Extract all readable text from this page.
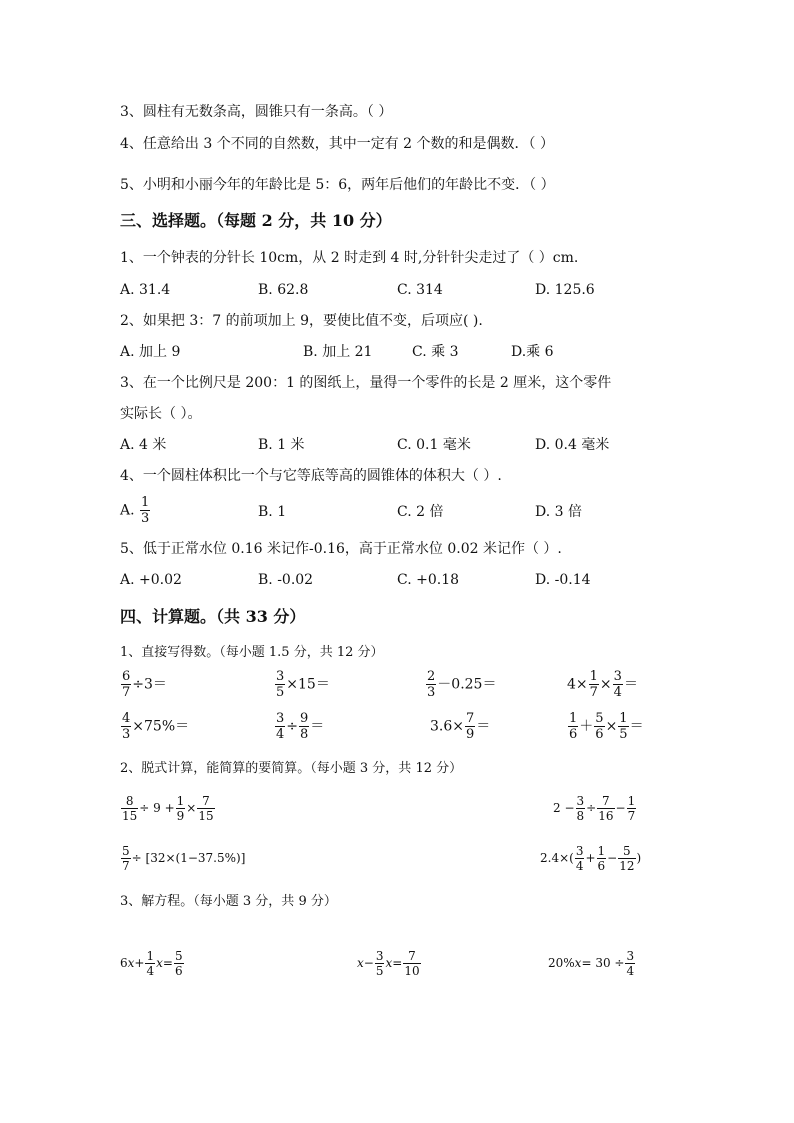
3、圆柱有无数条高，圆锥只有一条高。（ ）
4、任意给出 3 个不同的自然数，其中一定有 2 个数的和是偶数．（ ）
5、小明和小丽今年的年龄比是 5：6，两年后他们的年龄比不变．（ ）
三、选择题。（每题 2 分，共 10 分）
1、一个钟表的分针长 10cm，从 2 时走到 4 时,分针针尖走过了（ ）cm.
A. 31.4	B. 62.8	C. 314	D. 125.6
2、如果把 3：7 的前项加上 9，要使比值不变，后项应( ).
A. 加上 9	B. 加上 21	C. 乘 3	D.乘 6
3、在一个比例尺是 200：1 的图纸上，量得一个零件的长是 2 厘米，这个零件
实际长（ ）。
A. 4 米	B. 1 米	C. 0.1 毫米	D. 0.4 毫米
4、一个圆柱体积比一个与它等底等高的圆锥体的体积大（ ）.
A. $\frac{1}{3}$	B. 1	C. 2 倍	D. 3 倍
5、低于正常水位 0.16 米记作-0.16，高于正常水位 0.02 米记作（ ）.
A. +0.02	B. -0.02	C. +0.18	D. -0.14
四、计算题。（共 33 分）
1、直接写得数。（每小题 1.5 分，共 12 分）
$\frac{6}{7} \div 3=$	$\frac{3}{5} \times 15=$	$\frac{2}{3} -0.25=$	$4\times \frac{1}{7} \times \frac{3}{4}$ ＝
$\frac{4}{3} \times 75\%=$	$\frac{3}{4} \div \frac{9}{8}$ ＝	$3.6\times \frac{7}{9}$ ＝	$\frac{1}{6} + \frac{5}{6} \times \frac{1}{5}$ ＝
2、脱式计算，能简算的要简算。（每小题 3 分，共 12 分）
$\frac{8}{15} \div 9 + \frac{1}{9} \times \frac{7}{15}$	$2 - \frac{3}{8} \div \frac{7}{16} - \frac{1}{7}$
$\frac{5}{7} \div [32\times(1-37.5\%)]$	$2.4\times( \frac{3}{4} + \frac{1}{6} - \frac{5}{12}$ )
3、解方程。（每小题 3 分，共 9 分）
$6x+ \frac{1}{4} x= \frac{5}{6}$	$x- \frac{3}{5} x= \frac{7}{10}$	$20\%x= 30 \div \frac{3}{4}$
